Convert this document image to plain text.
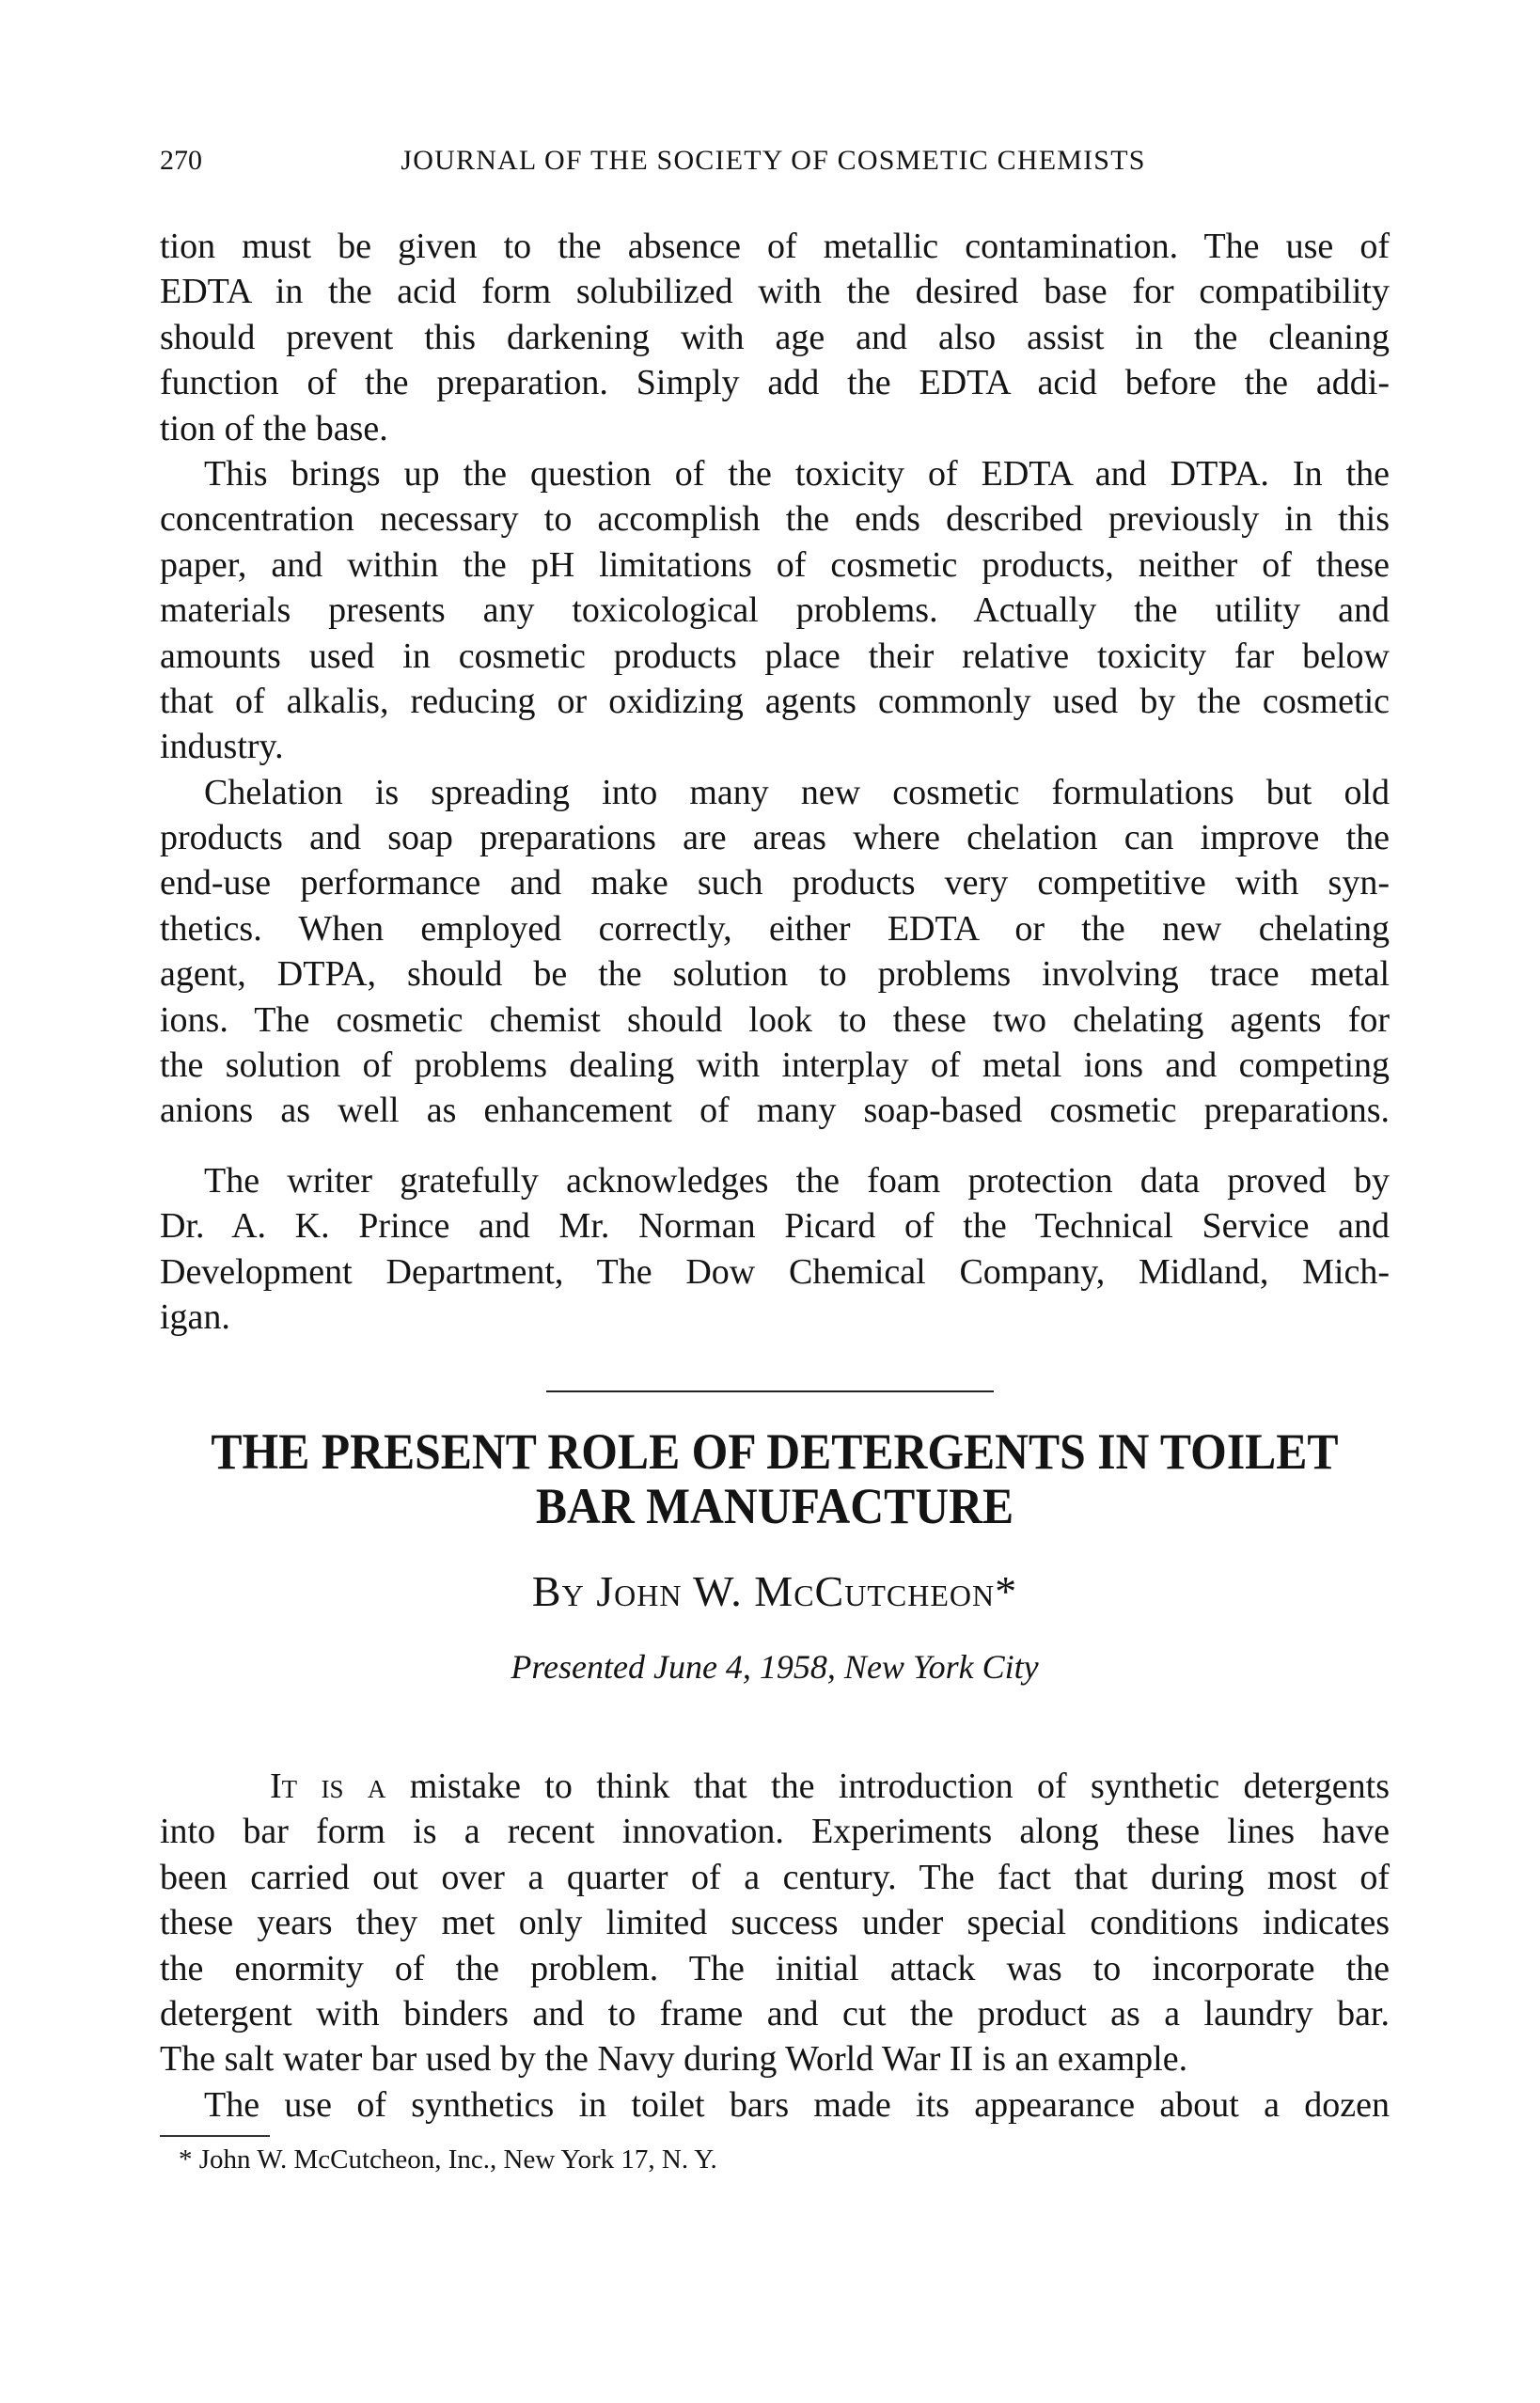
270	JOURNAL OF THE SOCIETY OF COSMETIC CHEMISTS
tion must be given to the absence of metallic contamination. The use of
EDTA in the acid form solubilized with the desired base for compatibility
should prevent this darkening with age and also assist in the cleaning
function of the preparation. Simply add the EDTA acid before the addi-
tion of the base.
This brings up the question of the toxicity of EDTA and DTPA. In the
concentration necessary to accomplish the ends described previously in this
paper, and within the pH limitations of cosmetic products, neither of these
materials presents any toxicological problems. Actually the utility and
amounts used in cosmetic products place their relative toxicity far below
that of alkalis, reducing or oxidizing agents commonly used by the cosmetic
industry.
Chelation is spreading into many new cosmetic formulations but old
products and soap preparations are areas where chelation can improve the
end-use performance and make such products very competitive with syn-
thetics. When employed correctly, either EDTA or the new chelating
agent, DTPA, should be the solution to problems involving trace metal
ions. The cosmetic chemist should look to these two chelating agents for
the solution of problems dealing with interplay of metal ions and competing
anions as well as enhancement of many soap-based cosmetic preparations.
The writer gratefully acknowledges the foam protection data proved by
Dr. A. K. Prince and Mr. Norman Picard of the Technical Service and
Development Department, The Dow Chemical Company, Midland, Mich-
igan.
THE PRESENT ROLE OF DETERGENTS IN TOILET
BAR MANUFACTURE
By John W. McCutcheon*
Presented June 4, 1958, New York City
It is a mistake to think that the introduction of synthetic detergents
into bar form is a recent innovation. Experiments along these lines have
been carried out over a quarter of a century. The fact that during most of
these years they met only limited success under special conditions indicates
the enormity of the problem. The initial attack was to incorporate the
detergent with binders and to frame and cut the product as a laundry bar.
The salt water bar used by the Navy during World War II is an example.
The use of synthetics in toilet bars made its appearance about a dozen
* John W. McCutcheon, Inc., New York 17, N. Y.
